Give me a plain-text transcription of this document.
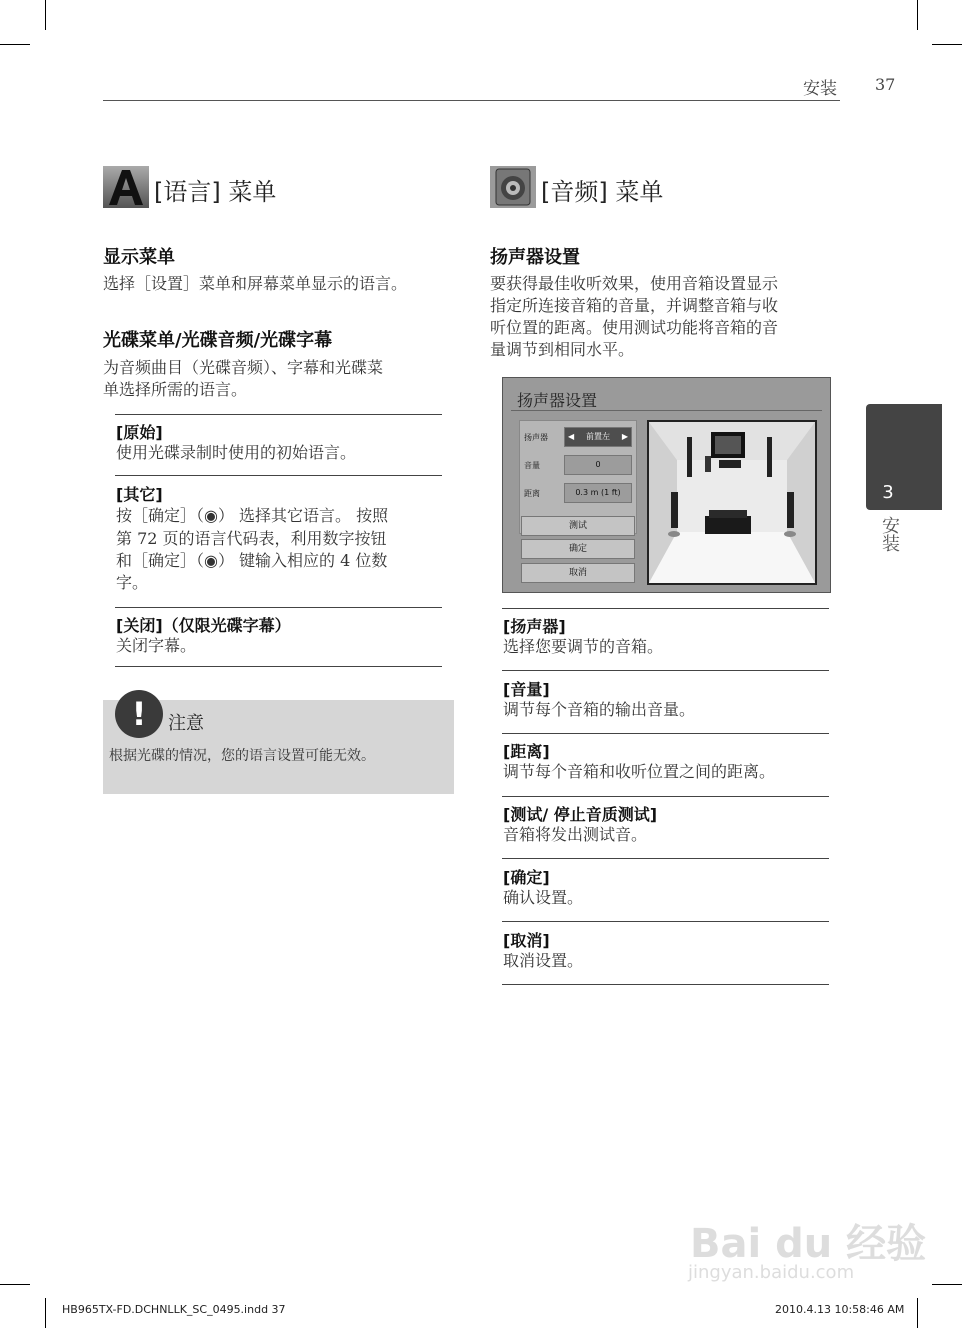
安装 37
[语言] 菜单
显示菜单
选择［设置］菜单和屏幕菜单显示的语言。
光碟菜单/光碟音频/光碟字幕
为音频曲目（光碟音频）、字幕和光碟菜
单选择所需的语言。
[原始]
使用光碟录制时使用的初始语言。
[其它]
按［确定］（◉） 选择其它语言。 按照
第 72 页的语言代码表，利用数字按钮
和［确定］（◉） 键输入相应的 4 位数
字。
[关闭]（仅限光碟字幕）
关闭字幕。
!	注意
根据光碟的情况，您的语言设置可能无效。
[音频] 菜单
扬声器设置
要获得最佳收听效果，使用音箱设置显示
指定所连接音箱的音量，并调整音箱与收
听位置的距离。使用测试功能将音箱的音
量调节到相同水平。
扬声器设置
扬声器	◀ 前置左 ▶
音量	0
距离	0.3 m (1 ft)
测试
确定
取消
[扬声器]
选择您要调节的音箱。
[音量]
调节每个音箱的输出音量。
[距离]
调节每个音箱和收听位置之间的距离。
[测试/ 停止音质测试]
音箱将发出测试音。
[确定]
确认设置。
[取消]
取消设置。
3
安装
Bai du 经验
jingyan.baidu.com
HB965TX-FD.DCHNLLK_SC_0495.indd 37	2010.4.13 10:58:46 AM
